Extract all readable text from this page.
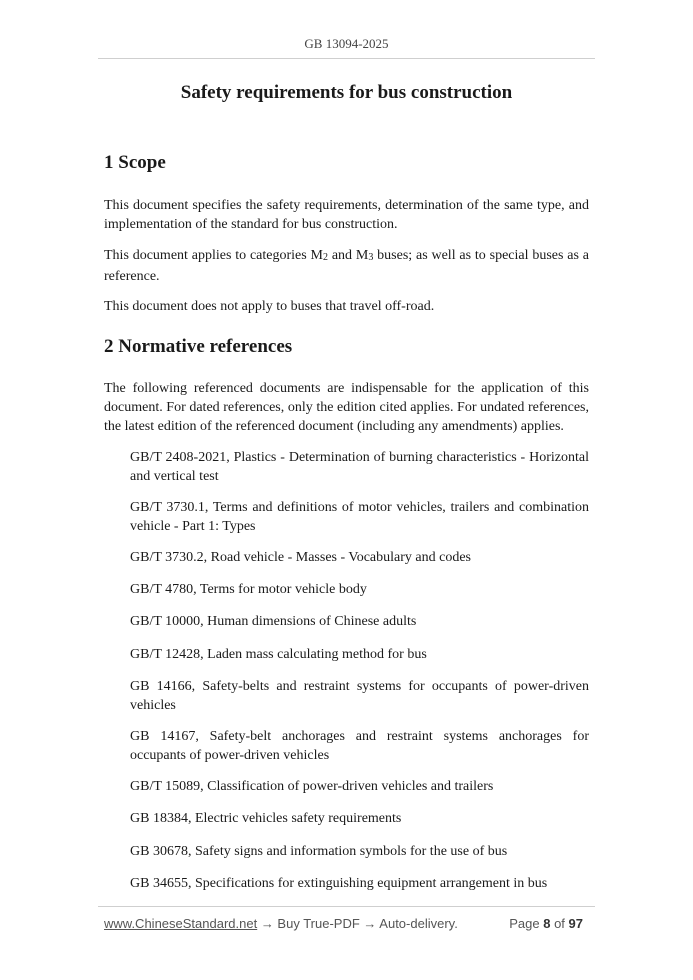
GB 13094-2025
Safety requirements for bus construction
1 Scope

This document specifies the safety requirements, determination of the same type, and implementation of the standard for bus construction.

This document applies to categories $M_2$ and $M_3$ buses; as well as to special buses as a reference.

This document does not apply to buses that travel off-road.

2 Normative references

The following referenced documents are indispensable for the application of this document. For dated references, only the edition cited applies. For undated references, the latest edition of the referenced document (including any amendments) applies.

GB/T 2408-2021, Plastics - Determination of burning characteristics - Horizontal and vertical test

GB/T 3730.1, Terms and definitions of motor vehicles, trailers and combination vehicle - Part 1: Types

GB/T 3730.2, Road vehicle - Masses - Vocabulary and codes

GB/T 4780, Terms for motor vehicle body

GB/T 10000, Human dimensions of Chinese adults

GB/T 12428, Laden mass calculating method for bus

GB 14166, Safety-belts and restraint systems for occupants of power-driven vehicles

GB 14167, Safety-belt anchorages and restraint systems anchorages for occupants of power-driven vehicles

GB/T 15089, Classification of power-driven vehicles and trailers

GB 18384, Electric vehicles safety requirements

GB 30678, Safety signs and information symbols for the use of bus

GB 34655, Specifications for extinguishing equipment arrangement in bus

www.ChineseStandard.net → Buy True-PDF → Auto-delivery.	Page 8 of 97
